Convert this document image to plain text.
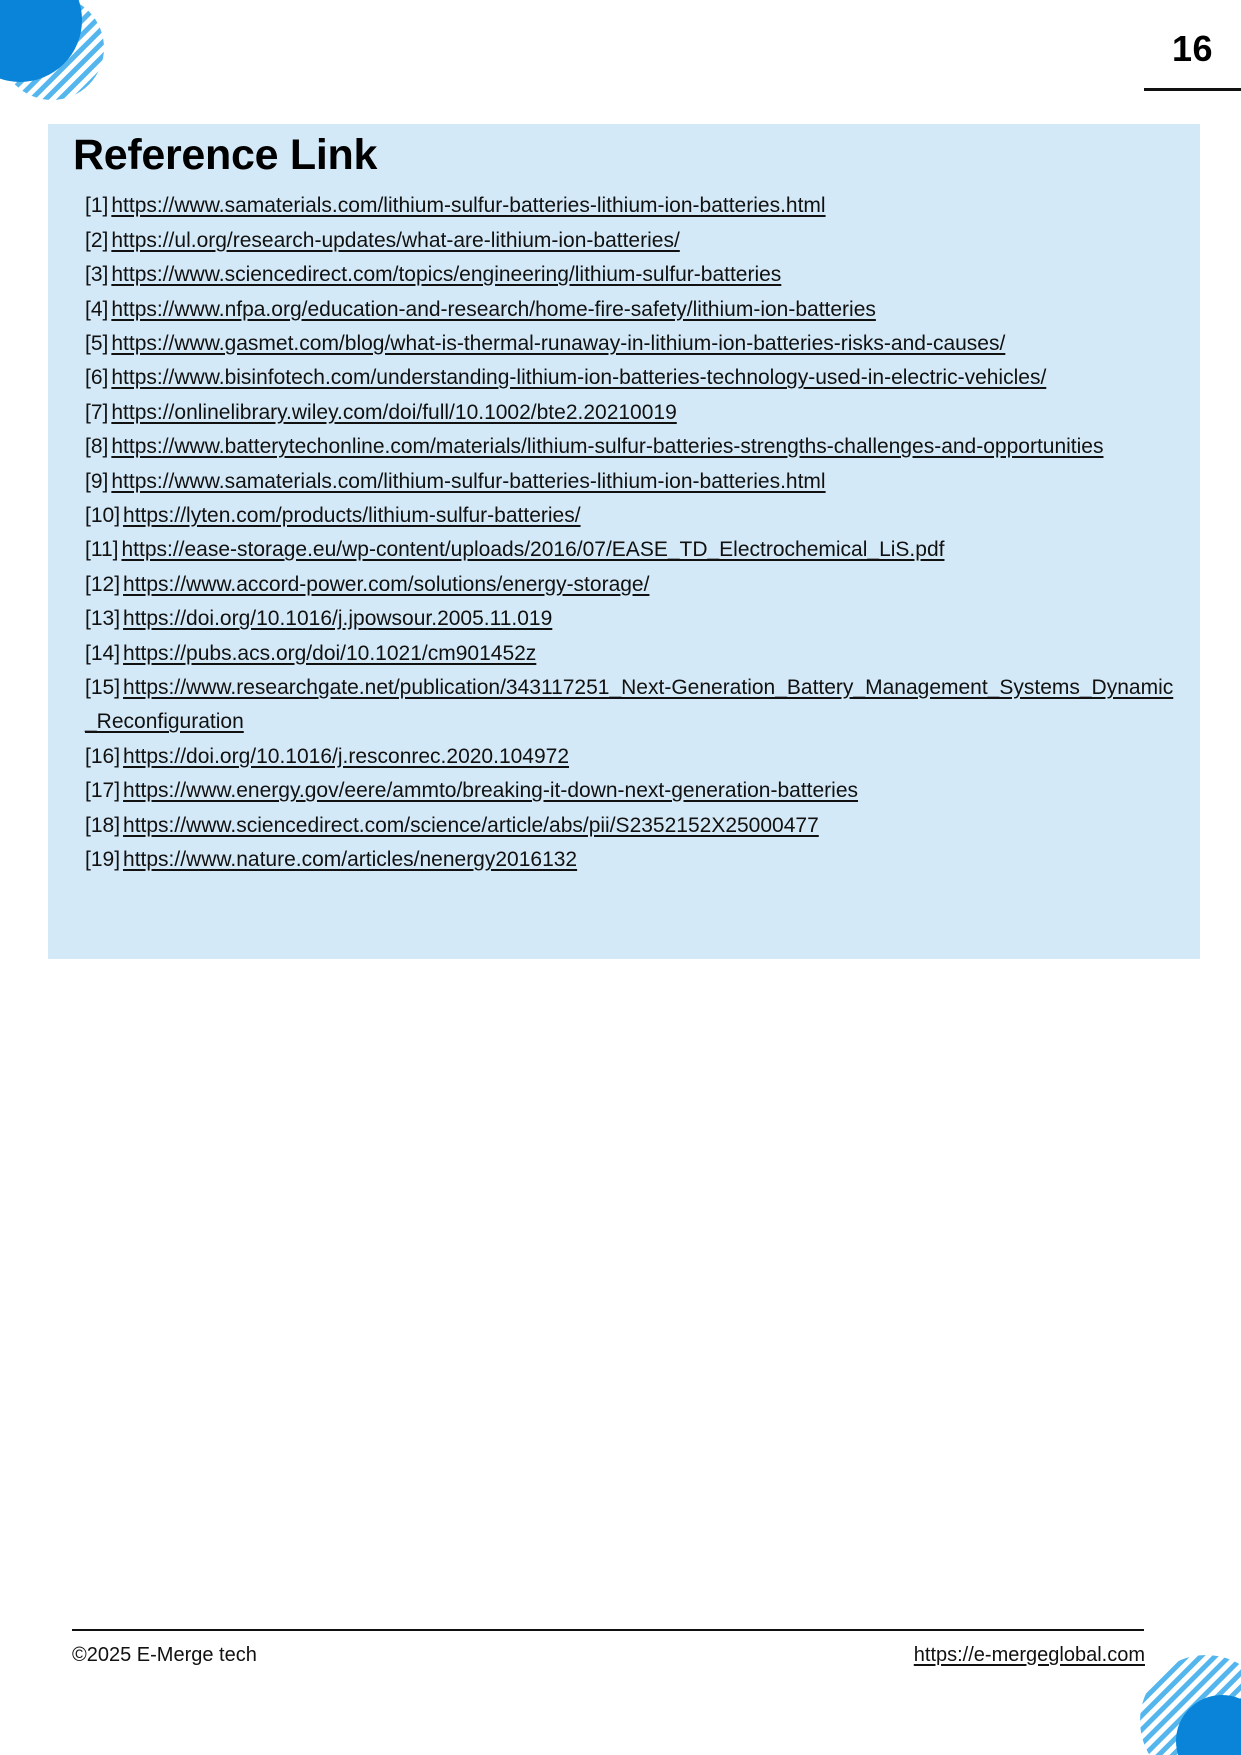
16
Reference Link
[1] https://www.samaterials.com/lithium-sulfur-batteries-lithium-ion-batteries.html
[2] https://ul.org/research-updates/what-are-lithium-ion-batteries/
[3] https://www.sciencedirect.com/topics/engineering/lithium-sulfur-batteries
[4] https://www.nfpa.org/education-and-research/home-fire-safety/lithium-ion-batteries
[5] https://www.gasmet.com/blog/what-is-thermal-runaway-in-lithium-ion-batteries-risks-and-causes/
[6] https://www.bisinfotech.com/understanding-lithium-ion-batteries-technology-used-in-electric-vehicles/
[7] https://onlinelibrary.wiley.com/doi/full/10.1002/bte2.20210019
[8] https://www.batterytechonline.com/materials/lithium-sulfur-batteries-strengths-challenges-and-opportunities
[9] https://www.samaterials.com/lithium-sulfur-batteries-lithium-ion-batteries.html
[10] https://lyten.com/products/lithium-sulfur-batteries/
[11] https://ease-storage.eu/wp-content/uploads/2016/07/EASE_TD_Electrochemical_LiS.pdf
[12] https://www.accord-power.com/solutions/energy-storage/
[13] https://doi.org/10.1016/j.jpowsour.2005.11.019
[14] https://pubs.acs.org/doi/10.1021/cm901452z
[15] https://www.researchgate.net/publication/343117251_Next-Generation_Battery_Management_Systems_Dynamic_Reconfiguration
[16] https://doi.org/10.1016/j.resconrec.2020.104972
[17] https://www.energy.gov/eere/ammto/breaking-it-down-next-generation-batteries
[18] https://www.sciencedirect.com/science/article/abs/pii/S2352152X25000477
[19] https://www.nature.com/articles/nenergy2016132
©2025 E-Merge tech	https://e-mergeglobal.com
